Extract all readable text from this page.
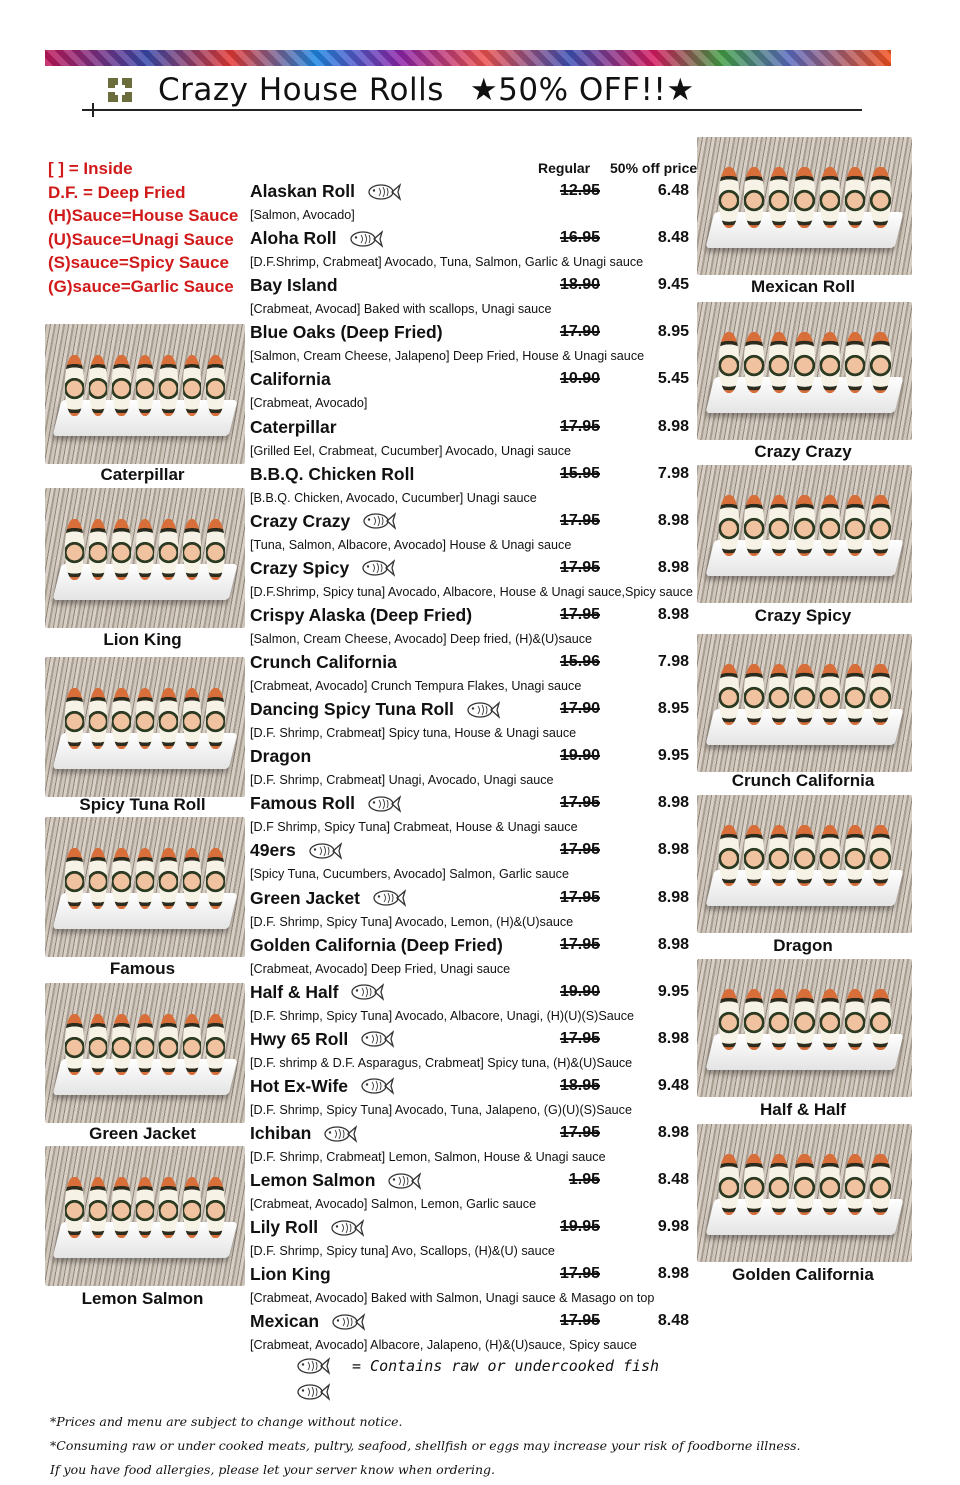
Crazy House Rolls ★50% OFF!!★
[ ] = Inside
D.F. = Deep Fried
(H)Sauce=House Sauce
(U)Sauce=Unagi Sauce
(S)sauce=Spicy Sauce
(G)sauce=Garlic Sauce
Regular 50% off price
Caterpillar
Lion King
Spicy Tuna Roll
Famous
Green Jacket
Lemon Salmon
Mexican Roll
Crazy Crazy
Crazy Spicy
Crunch California
Dragon
Half & Half
Golden California
Alaskan Roll	12.95	6.48
[Salmon, Avocado]
Aloha Roll	16.95	8.48
[D.F.Shrimp, Crabmeat] Avocado, Tuna, Salmon, Garlic & Unagi sauce
Bay Island	18.90	9.45
[Crabmeat, Avocad] Baked with scallops, Unagi sauce
Blue Oaks (Deep Fried)	17.90	8.95
[Salmon, Cream Cheese, Jalapeno] Deep Fried, House & Unagi sauce
California	10.90	5.45
[Crabmeat, Avocado]
Caterpillar	17.95	8.98
[Grilled Eel, Crabmeat, Cucumber] Avocado, Unagi sauce
B.B.Q. Chicken Roll	15.95	7.98
[B.B.Q. Chicken, Avocado, Cucumber] Unagi sauce
Crazy Crazy	17.95	8.98
[Tuna, Salmon, Albacore, Avocado] House & Unagi sauce
Crazy Spicy	17.95	8.98
[D.F.Shrimp, Spicy tuna] Avocado, Albacore, House & Unagi sauce,Spicy sauce
Crispy Alaska (Deep Fried)	17.95	8.98
[Salmon, Cream Cheese, Avocado] Deep fried, (H)&(U)sauce
Crunch California	15.96	7.98
[Crabmeat, Avocado] Crunch Tempura Flakes, Unagi sauce
Dancing Spicy Tuna Roll	17.90	8.95
[D.F. Shrimp, Crabmeat] Spicy tuna, House & Unagi sauce
Dragon	19.90	9.95
[D.F. Shrimp, Crabmeat] Unagi, Avocado, Unagi sauce
Famous Roll	17.95	8.98
[D.F Shrimp, Spicy Tuna] Crabmeat, House & Unagi sauce
49ers	17.95	8.98
[Spicy Tuna, Cucumbers, Avocado] Salmon, Garlic sauce
Green Jacket	17.95	8.98
[D.F. Shrimp, Spicy Tuna] Avocado, Lemon, (H)&(U)sauce
Golden California (Deep Fried)	17.95	8.98
[Crabmeat, Avocado] Deep Fried, Unagi sauce
Half & Half	19.90	9.95
[D.F. Shrimp, Spicy Tuna] Avocado, Albacore, Unagi, (H)(U)(S)Sauce
Hwy 65 Roll	17.95	8.98
[D.F. shrimp & D.F. Asparagus, Crabmeat] Spicy tuna, (H)&(U)Sauce
Hot Ex-Wife	18.95	9.48
[D.F. Shrimp, Spicy Tuna] Avocado, Tuna, Jalapeno, (G)(U)(S)Sauce
Ichiban	17.95	8.98
[D.F. Shrimp, Crabmeat] Lemon, Salmon, House & Unagi sauce
Lemon Salmon	1.95	8.48
[Crabmeat, Avocado] Salmon, Lemon, Garlic sauce
Lily Roll	19.95	9.98
[D.F. Shrimp, Spicy tuna] Avo, Scallops, (H)&(U) sauce
Lion King	17.95	8.98
[Crabmeat, Avocado] Baked with Salmon, Unagi sauce & Masago on top
Mexican	17.95	8.48
[Crabmeat, Avocado] Albacore, Jalapeno, (H)&(U)sauce, Spicy sauce
= Contains raw or undercooked fish
*Prices and menu are subject to change without notice.
*Consuming raw or under cooked meats, pultry, seafood, shellfish or eggs may increase your risk of foodborne illness.
If you have food allergies, please let your server know when ordering.
